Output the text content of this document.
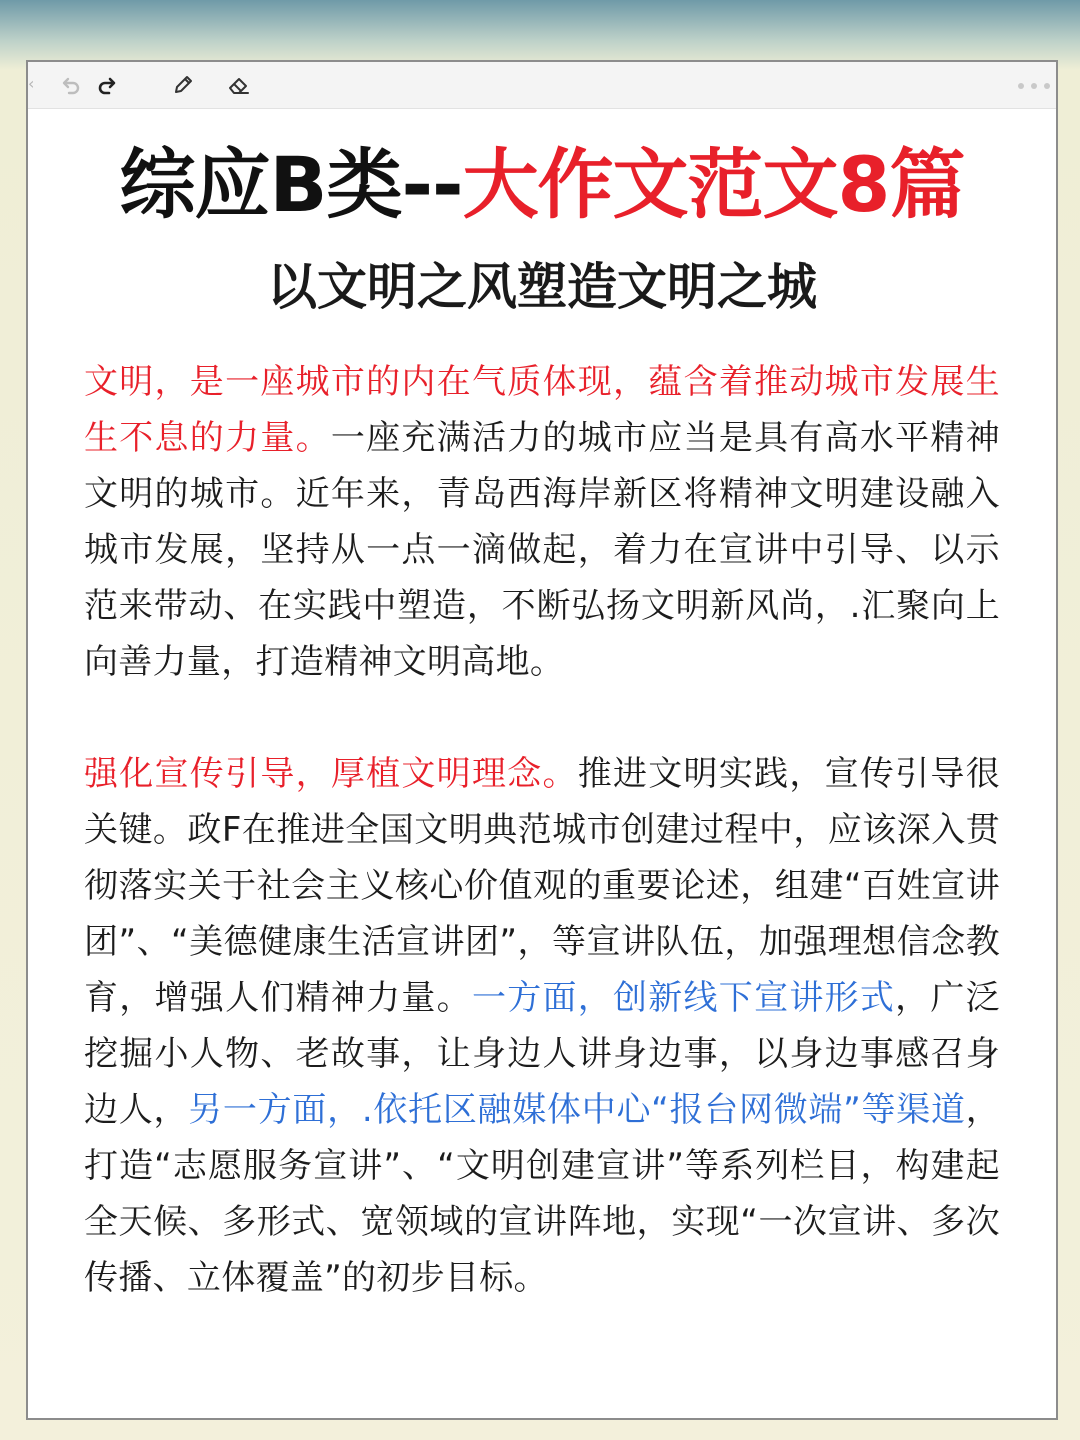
‹
综应B类--大作文范文8篇
以文明之风塑造文明之城

文明，是一座城市的内在气质体现，蕴含着推动城市发展生生不息的力量。一座充满活力的城市应当是具有高水平精神文明的城市。近年来，青岛西海岸新区将精神文明建设融入城市发展，坚持从一点一滴做起，着力在宣讲中引导、以示范来带动、在实践中塑造，不断弘扬文明新风尚，.汇聚向上向善力量，打造精神文明高地。

强化宣传引导，厚植文明理念。推进文明实践，宣传引导很关键。政F在推进全国文明典范城市创建过程中，应该深入贯彻落实关于社会主义核心价值观的重要论述，组建“百姓宣讲团”、“美德健康生活宣讲团”，等宣讲队伍，加强理想信念教育，增强人们精神力量。一方面，创新线下宣讲形式，广泛挖掘小人物、老故事，让身边人讲身边事，以身边事感召身边人，另一方面，.依托区融媒体中心“报台网微端”等渠道，打造“志愿服务宣讲”、“文明创建宣讲”等系列栏目，构建起全天候、多形式、宽领域的宣讲阵地，实现“一次宣讲、多次传播、立体覆盖”的初步目标。
